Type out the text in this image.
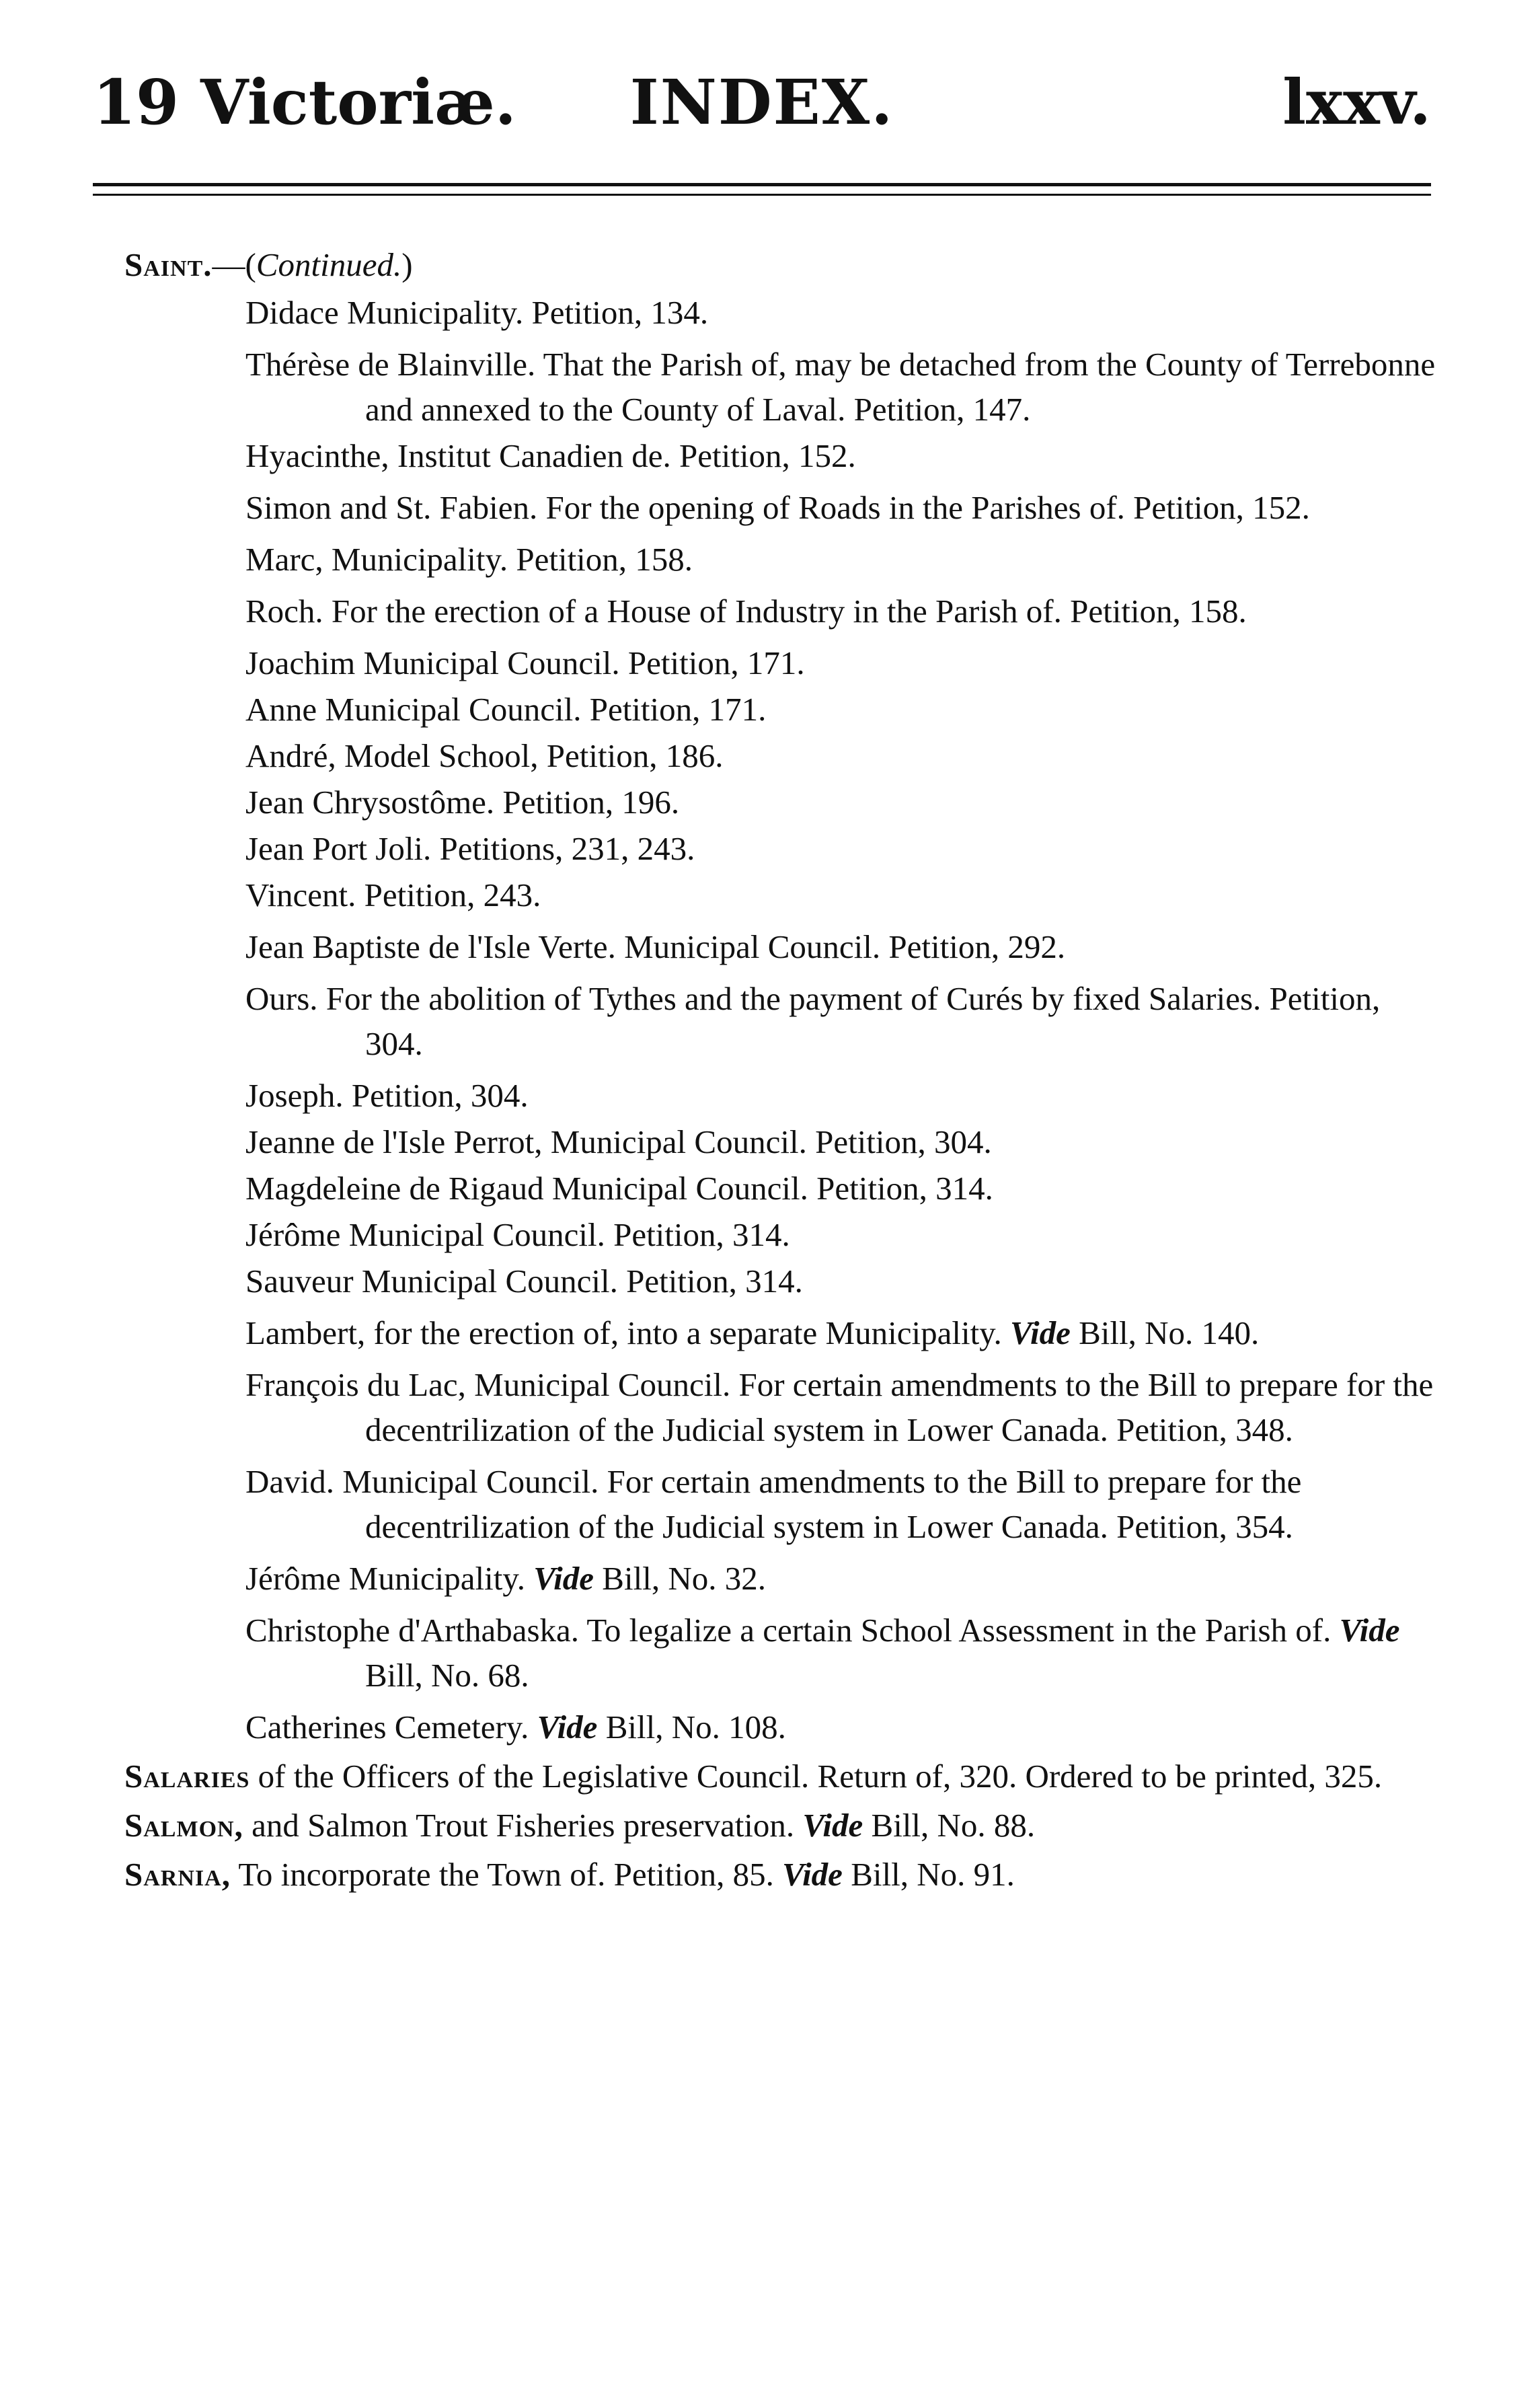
19 Victoriæ. INDEX.	lxxv.

Saint.—(Continued.)

Didace Municipality. Petition, 134.

Thérèse de Blainville. That the Parish of, may be detached from the County of Terrebonne and annexed to the County of Laval. Petition, 147.

Hyacinthe, Institut Canadien de. Petition, 152.

Simon and St. Fabien. For the opening of Roads in the Parishes of. Petition, 152.

Marc, Municipality. Petition, 158.

Roch. For the erection of a House of Industry in the Parish of. Petition, 158.

Joachim Municipal Council. Petition, 171.

Anne Municipal Council. Petition, 171.

André, Model School, Petition, 186.

Jean Chrysostôme. Petition, 196.

Jean Port Joli. Petitions, 231, 243.

Vincent. Petition, 243.

Jean Baptiste de l'Isle Verte. Municipal Council. Petition, 292.

Ours. For the abolition of Tythes and the payment of Curés by fixed Salaries. Petition, 304.

Joseph. Petition, 304.

Jeanne de l'Isle Perrot, Municipal Council. Petition, 304.

Magdeleine de Rigaud Municipal Council. Petition, 314.

Jérôme Municipal Council. Petition, 314.

Sauveur Municipal Council. Petition, 314.

Lambert, for the erection of, into a separate Municipality. Vide Bill, No. 140.

François du Lac, Municipal Council. For certain amendments to the Bill to prepare for the decentrilization of the Judicial system in Lower Canada. Petition, 348.

David. Municipal Council. For certain amendments to the Bill to prepare for the decentrilization of the Judicial system in Lower Canada. Petition, 354.

Jérôme Municipality. Vide Bill, No. 32.

Christophe d'Arthabaska. To legalize a certain School Assessment in the Parish of. Vide Bill, No. 68.

Catherines Cemetery. Vide Bill, No. 108.

Salaries of the Officers of the Legislative Council. Return of, 320. Ordered to be printed, 325.

Salmon, and Salmon Trout Fisheries preservation. Vide Bill, No. 88.

Sarnia, To incorporate the Town of. Petition, 85. Vide Bill, No. 91.
